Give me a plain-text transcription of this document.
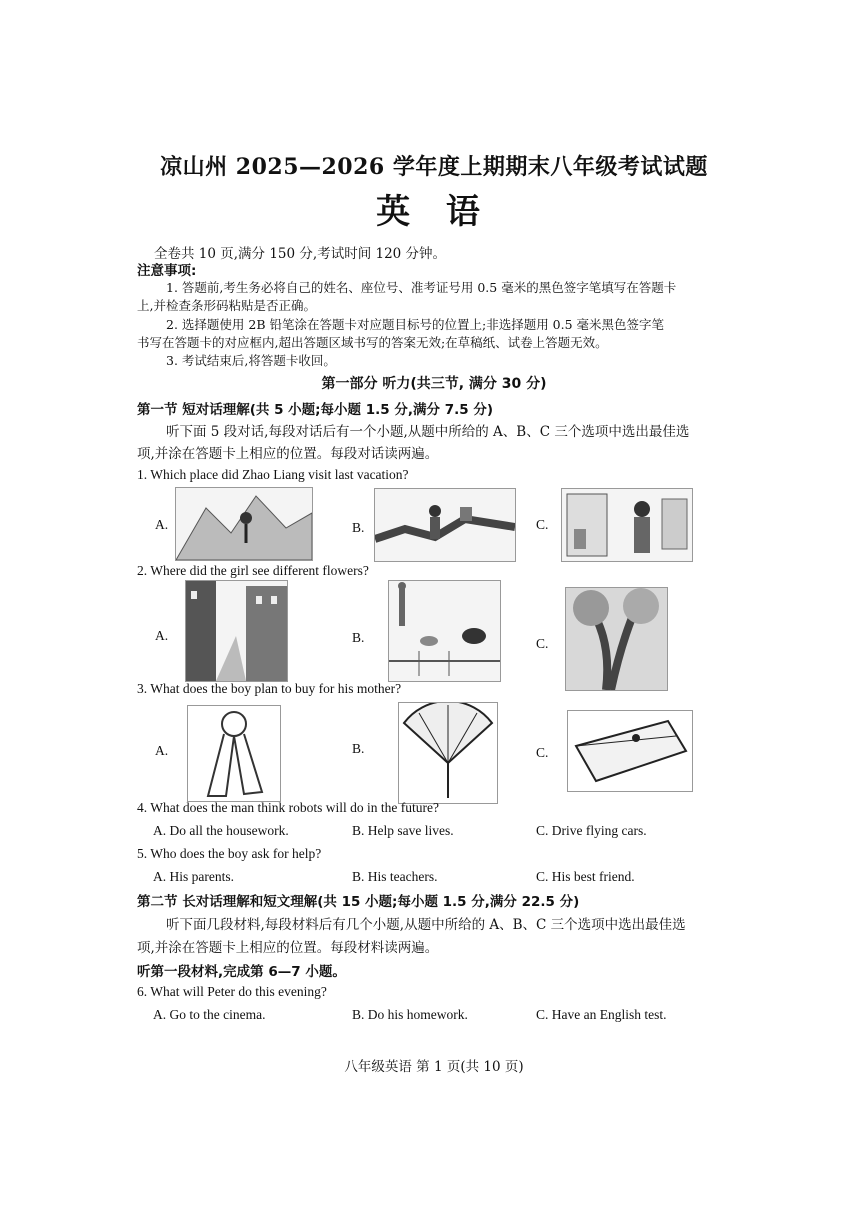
凉山州 2025—2026 学年度上期期末八年级考试试题
英 语
全卷共 10 页,满分 150 分,考试时间 120 分钟。
注意事项:
1. 答题前,考生务必将自己的姓名、座位号、准考证号用 0.5 毫米的黑色签字笔填写在答题卡
上,并检查条形码粘贴是否正确。
2. 选择题使用 2B 铅笔涂在答题卡对应题目标号的位置上;非选择题用 0.5 毫米黑色签字笔
书写在答题卡的对应框内,超出答题区域书写的答案无效;在草稿纸、试卷上答题无效。
3. 考试结束后,将答题卡收回。
第一部分 听力(共三节, 满分 30 分)
第一节 短对话理解(共 5 小题;每小题 1.5 分,满分 7.5 分)
听下面 5 段对话,每段对话后有一个小题,从题中所给的 A、B、C 三个选项中选出最佳选
项,并涂在答题卡上相应的位置。每段对话读两遍。
1. Which place did Zhao Liang visit last vacation?
A.	B.	C.
2. Where did the girl see different flowers?
A.	B.	C.
3. What does the boy plan to buy for his mother?
A.	B.	C.
4. What does the man think robots will do in the future?
A. Do all the housework.	B. Help save lives.	C. Drive flying cars.
5. Who does the boy ask for help?
A. His parents.	B. His teachers.	C. His best friend.
第二节 长对话理解和短文理解(共 15 小题;每小题 1.5 分,满分 22.5 分)
听下面几段材料,每段材料后有几个小题,从题中所给的 A、B、C 三个选项中选出最佳选
项,并涂在答题卡上相应的位置。每段材料读两遍。
听第一段材料,完成第 6—7 小题。
6. What will Peter do this evening?
A. Go to the cinema.	B. Do his homework.	C. Have an English test.
八年级英语 第 1 页(共 10 页)
